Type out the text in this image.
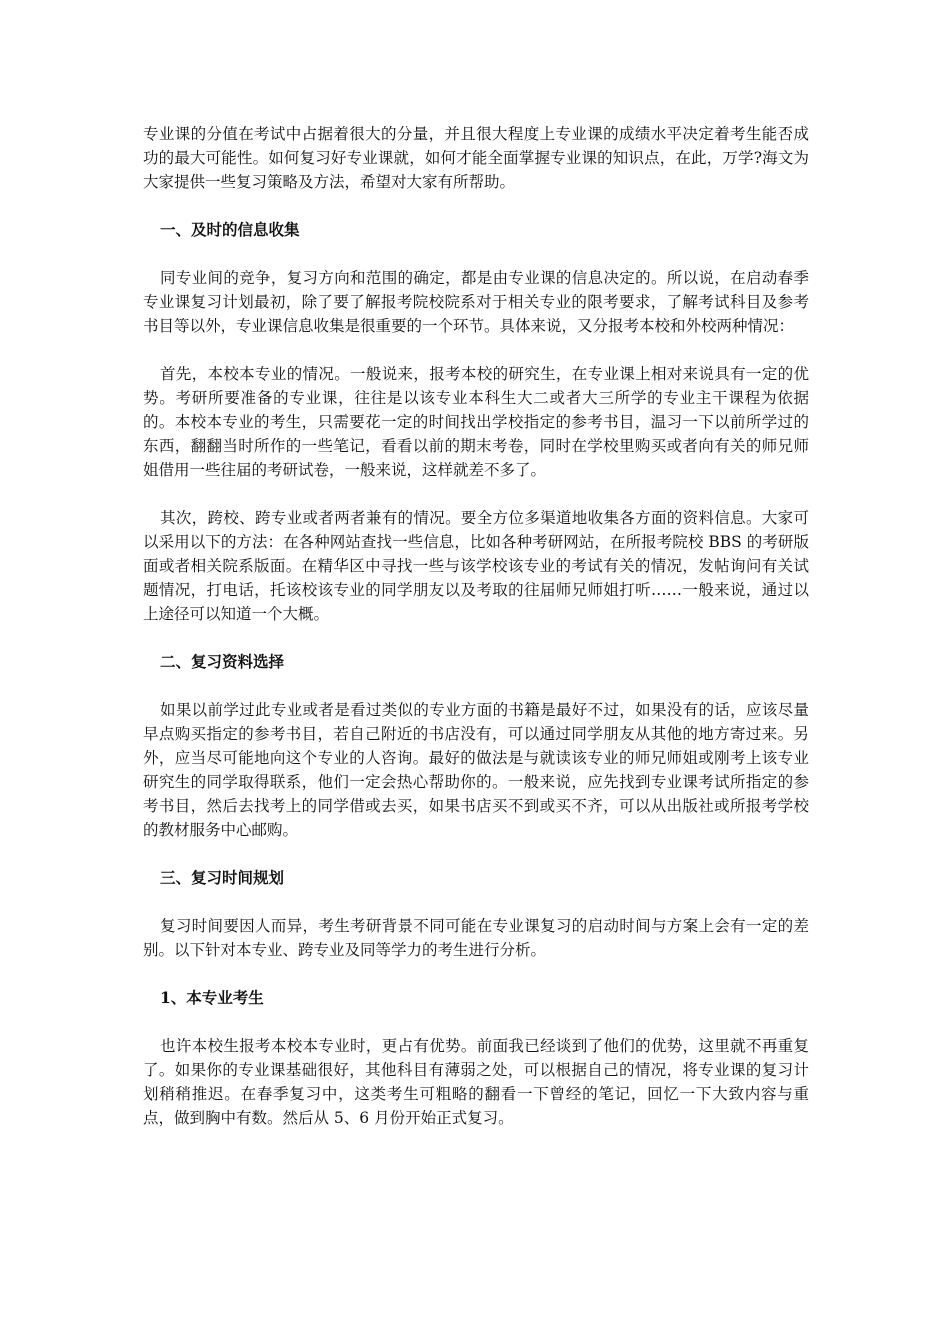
专业课的分值在考试中占据着很大的分量，并且很大程度上专业课的成绩水平决定着考生能否成功的最大可能性。如何复习好专业课就，如何才能全面掌握专业课的知识点，在此，万学?海文为大家提供一些复习策略及方法，希望对大家有所帮助。

一、及时的信息收集

同专业间的竞争，复习方向和范围的确定，都是由专业课的信息决定的。所以说，在启动春季专业课复习计划最初，除了要了解报考院校院系对于相关专业的限考要求，了解考试科目及参考书目等以外，专业课信息收集是很重要的一个环节。具体来说，又分报考本校和外校两种情况：

首先，本校本专业的情况。一般说来，报考本校的研究生，在专业课上相对来说具有一定的优势。考研所要准备的专业课，往往是以该专业本科生大二或者大三所学的专业主干课程为依据的。本校本专业的考生，只需要花一定的时间找出学校指定的参考书目，温习一下以前所学过的东西，翻翻当时所作的一些笔记，看看以前的期末考卷，同时在学校里购买或者向有关的师兄师姐借用一些往届的考研试卷，一般来说，这样就差不多了。

其次，跨校、跨专业或者两者兼有的情况。要全方位多渠道地收集各方面的资料信息。大家可以采用以下的方法：在各种网站查找一些信息，比如各种考研网站，在所报考院校 BBS 的考研版面或者相关院系版面。在精华区中寻找一些与该学校该专业的考试有关的情况，发帖询问有关试题情况，打电话，托该校该专业的同学朋友以及考取的往届师兄师姐打听……一般来说，通过以上途径可以知道一个大概。

二、复习资料选择

如果以前学过此专业或者是看过类似的专业方面的书籍是最好不过，如果没有的话，应该尽量早点购买指定的参考书目，若自己附近的书店没有，可以通过同学朋友从其他的地方寄过来。另外，应当尽可能地向这个专业的人咨询。最好的做法是与就读该专业的师兄师姐或刚考上该专业研究生的同学取得联系，他们一定会热心帮助你的。一般来说，应先找到专业课考试所指定的参考书目，然后去找考上的同学借或去买，如果书店买不到或买不齐，可以从出版社或所报考学校的教材服务中心邮购。

三、复习时间规划

复习时间要因人而异，考生考研背景不同可能在专业课复习的启动时间与方案上会有一定的差别。以下针对本专业、跨专业及同等学力的考生进行分析。

1、本专业考生

也许本校生报考本校本专业时，更占有优势。前面我已经谈到了他们的优势，这里就不再重复了。如果你的专业课基础很好，其他科目有薄弱之处，可以根据自己的情况，将专业课的复习计划稍稍推迟。在春季复习中，这类考生可粗略的翻看一下曾经的笔记，回忆一下大致内容与重点，做到胸中有数。然后从 5、6 月份开始正式复习。
